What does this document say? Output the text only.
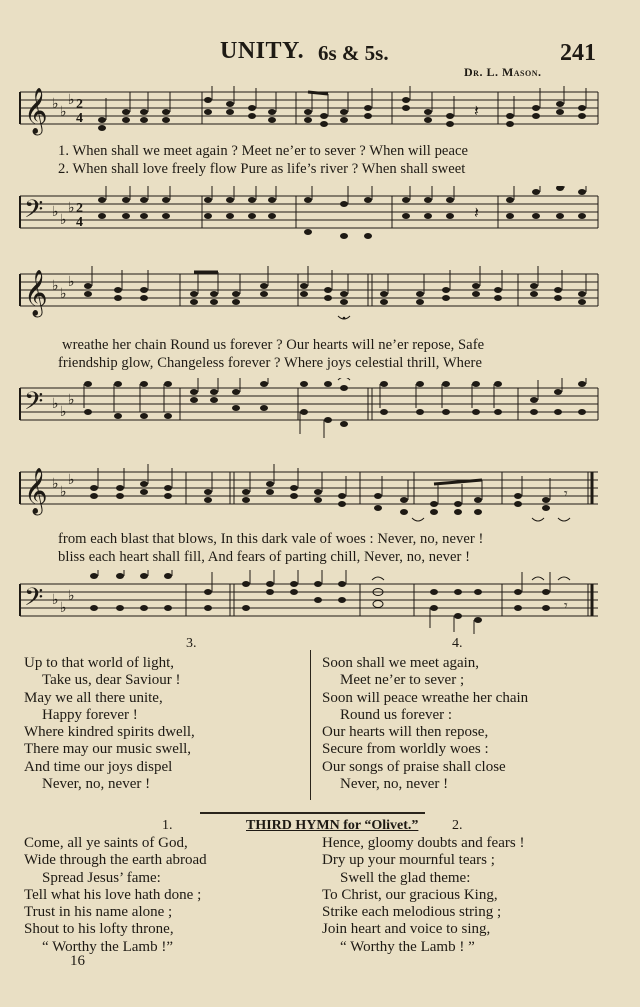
UNITY. 6s & 5s.	241
Dr. L. Mason.
𝄞 ♭
♭
♭ 2
4	𝄽
1. When shall we meet again ? Meet ne’er to sever ? When will peace
2. When shall love freely flow Pure as life’s river ? When shall sweet
𝄢 ♭
♭
♭ 2
4
𝄽
𝄞 ♭
♭
♭
wreathe her chain Round us forever ? Our hearts will ne’er repose, Safe
friendship glow, Changeless forever ? Where joys celestial thrill, Where
𝄢 ♭
♭
♭
𝄞 ♭
♭
♭
𝄾
from each blast that blows, In this dark vale of woes : Never, no, never !
bliss each heart shall fill, And fears of parting chill, Never, no, never !
𝄢 ♭
♭
♭
𝄾
3.	4.
Up to that world of light,
Take us, dear Saviour !
May we all there unite,
Happy forever !
Where kindred spirits dwell,
There may our music swell,
And time our joys dispel
Never, no, never !
Soon shall we meet again,
Meet ne’er to sever ;
Soon will peace wreathe her chain
Round us forever :
Our hearts will then repose,
Secure from worldly woes :
Our songs of praise shall close
Never, no, never !
1.	THIRD HYMN for “Olivet.” 2.
Come, all ye saints of God,
Wide through the earth abroad
Spread Jesus’ fame:
Tell what his love hath done ;
Trust in his name alone ;
Shout to his lofty throne,
“ Worthy the Lamb !”
Hence, gloomy doubts and fears !
Dry up your mournful tears ;
Swell the glad theme:
To Christ, our gracious King,
Strike each melodious string ;
Join heart and voice to sing,
“ Worthy the Lamb ! ”
16
